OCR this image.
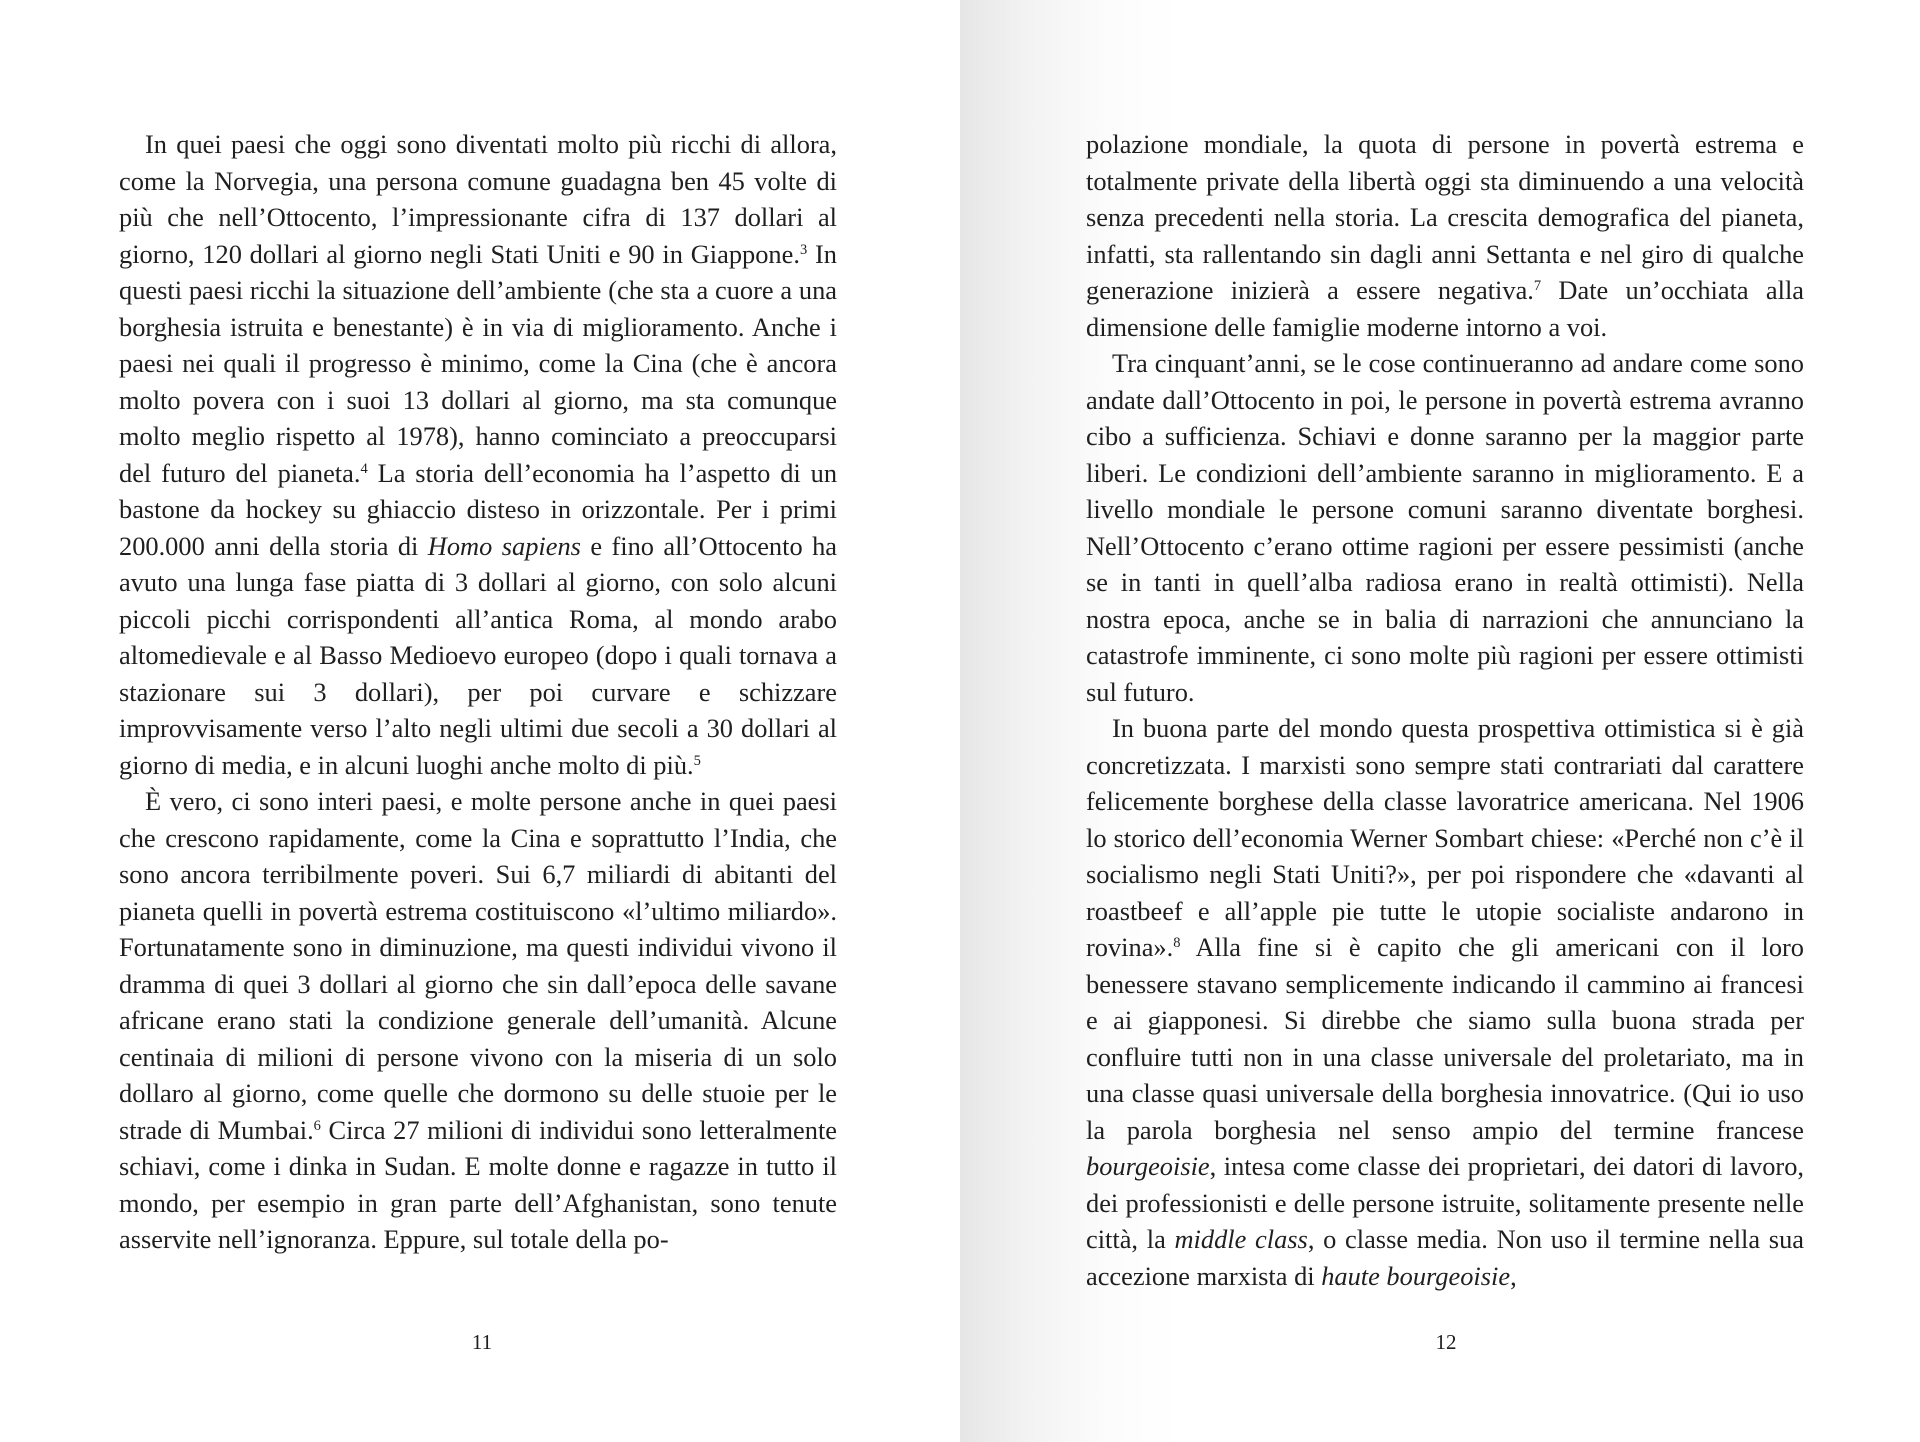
In quei paesi che oggi sono diventati molto più ricchi di allora, come la Norvegia, una persona comune guadagna ben 45 volte di più che nell’Ottocento, l’impressionante cifra di 137 dollari al giorno, 120 dollari al giorno negli Stati Uniti e 90 in Giappone.$^3$ In questi paesi ricchi la situazione dell’ambiente (che sta a cuore a una borghesia istruita e benestante) è in via di miglioramento. Anche i paesi nei quali il progresso è minimo, come la Cina (che è ancora molto povera con i suoi 13 dollari al giorno, ma sta comunque molto meglio rispetto al 1978), hanno cominciato a preoccuparsi del futuro del pianeta.$^4$ La storia dell’economia ha l’aspetto di un bastone da hockey su ghiaccio disteso in orizzontale. Per i primi 200.000 anni della storia di Homo sapiens e fino all’Ottocento ha avuto una lunga fase piatta di 3 dollari al giorno, con solo alcuni piccoli picchi corrispondenti all’antica Roma, al mondo arabo altomedievale e al Basso Medioevo europeo (dopo i quali tornava a stazionare sui 3 dollari), per poi curvare e schizzare improvvisamente verso l’alto negli ultimi due secoli a 30 dollari al giorno di media, e in alcuni luoghi anche molto di più.$^5$

È vero, ci sono interi paesi, e molte persone anche in quei paesi che crescono rapidamente, come la Cina e soprattutto l’India, che sono ancora terribilmente poveri. Sui 6,7 miliardi di abitanti del pianeta quelli in povertà estrema costituiscono «l’ultimo miliardo». Fortunatamente sono in diminuzione, ma questi individui vivono il dramma di quei 3 dollari al giorno che sin dall’epoca delle savane africane erano stati la condizione generale dell’umanità. Alcune centinaia di milioni di persone vivono con la miseria di un solo dollaro al giorno, come quelle che dormono su delle stuoie per le strade di Mumbai.$^6$ Circa 27 milioni di individui sono letteralmente schiavi, come i dinka in Sudan. E molte donne e ragazze in tutto il mondo, per esempio in gran parte dell’Afghanistan, sono tenute asservite nell’ignoranza. Eppure, sul totale della po-

11

polazione mondiale, la quota di persone in povertà estrema e totalmente private della libertà oggi sta diminuendo a una velocità senza precedenti nella storia. La crescita demografica del pianeta, infatti, sta rallentando sin dagli anni Settanta e nel giro di qualche generazione inizierà a essere negativa.$^7$ Date un’occhiata alla dimensione delle famiglie moderne intorno a voi.

Tra cinquant’anni, se le cose continueranno ad andare come sono andate dall’Ottocento in poi, le persone in povertà estrema avranno cibo a sufficienza. Schiavi e donne saranno per la maggior parte liberi. Le condizioni dell’ambiente saranno in miglioramento. E a livello mondiale le persone comuni saranno diventate borghesi. Nell’Ottocento c’erano ottime ragioni per essere pessimisti (anche se in tanti in quell’alba radiosa erano in realtà ottimisti). Nella nostra epoca, anche se in balia di narrazioni che annunciano la catastrofe imminente, ci sono molte più ragioni per essere ottimisti sul futuro.

In buona parte del mondo questa prospettiva ottimistica si è già concretizzata. I marxisti sono sempre stati contrariati dal carattere felicemente borghese della classe lavoratrice americana. Nel 1906 lo storico dell’economia Werner Sombart chiese: «Perché non c’è il socialismo negli Stati Uniti?», per poi rispondere che «davanti al roastbeef e all’apple pie tutte le utopie socialiste andarono in rovina».$^8$ Alla fine si è capito che gli americani con il loro benessere stavano semplicemente indicando il cammino ai francesi e ai giapponesi. Si direbbe che siamo sulla buona strada per confluire tutti non in una classe universale del proletariato, ma in una classe quasi universale della borghesia innovatrice. (Qui io uso la parola borghesia nel senso ampio del termine francese bourgeoisie, intesa come classe dei proprietari, dei datori di lavoro, dei professionisti e delle persone istruite, solitamente presente nelle città, la middle class, o classe media. Non uso il termine nella sua accezione marxista di haute bourgeoisie,

12
